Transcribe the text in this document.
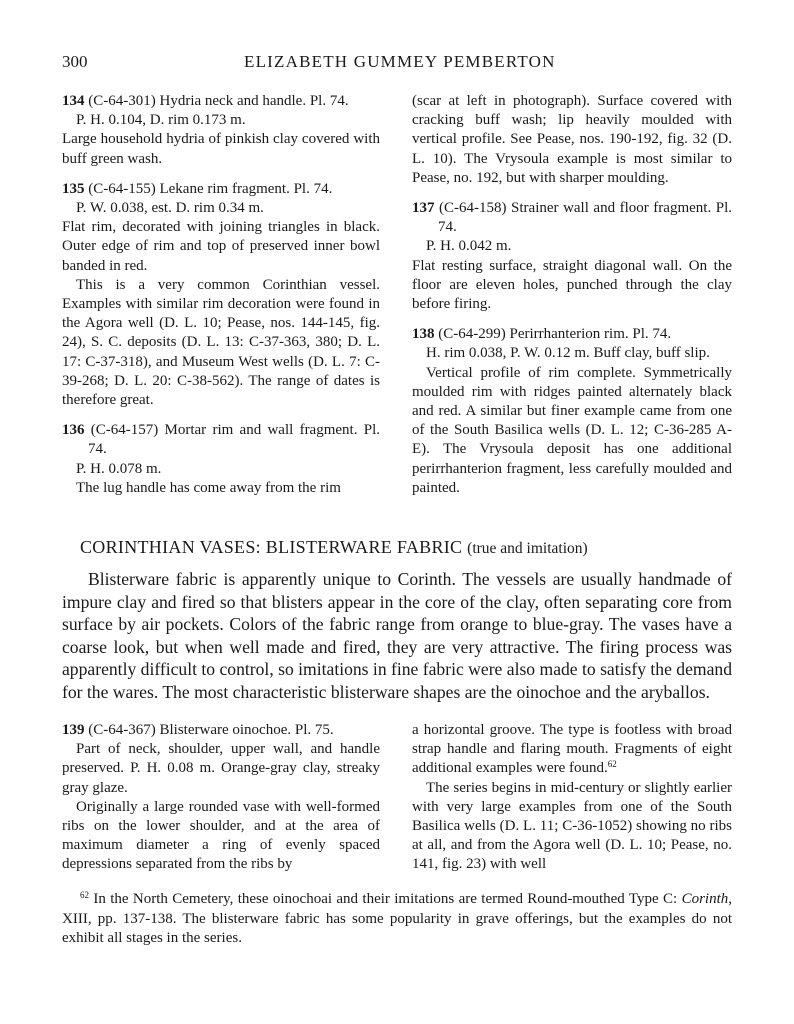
300	ELIZABETH GUMMEY PEMBERTON

134 (C-64-301) Hydria neck and handle. Pl. 74.

P. H. 0.104, D. rim 0.173 m.

Large household hydria of pinkish clay covered with buff green wash.

135 (C-64-155) Lekane rim fragment. Pl. 74.

P. W. 0.038, est. D. rim 0.34 m.

Flat rim, decorated with joining triangles in black. Outer edge of rim and top of preserved inner bowl banded in red.

This is a very common Corinthian vessel. Examples with similar rim decoration were found in the Agora well (D. L. 10; Pease, nos. 144-145, fig. 24), S. C. deposits (D. L. 13: C-37-363, 380; D. L. 17: C-37-318), and Museum West wells (D. L. 7: C-39-268; D. L. 20: C-38-562). The range of dates is therefore great.

136 (C-64-157) Mortar rim and wall fragment. Pl. 74.

P. H. 0.078 m.

The lug handle has come away from the rim

(scar at left in photograph). Surface covered with cracking buff wash; lip heavily moulded with vertical profile. See Pease, nos. 190-192, fig. 32 (D. L. 10). The Vrysoula example is most similar to Pease, no. 192, but with sharper moulding.

137 (C-64-158) Strainer wall and floor fragment. Pl. 74.

P. H. 0.042 m.

Flat resting surface, straight diagonal wall. On the floor are eleven holes, punched through the clay before firing.

138 (C-64-299) Perirrhanterion rim. Pl. 74.

H. rim 0.038, P. W. 0.12 m. Buff clay, buff slip.

Vertical profile of rim complete. Symmetrically moulded rim with ridges painted alternately black and red. A similar but finer example came from one of the South Basilica wells (D. L. 12; C-36-285 A-E). The Vrysoula deposit has one additional perirrhanterion fragment, less carefully moulded and painted.

CORINTHIAN VASES: BLISTERWARE FABRIC (true and imitation)

Blisterware fabric is apparently unique to Corinth. The vessels are usually handmade of impure clay and fired so that blisters appear in the core of the clay, often separating core from surface by air pockets. Colors of the fabric range from orange to blue-gray. The vases have a coarse look, but when well made and fired, they are very attractive. The firing process was apparently difficult to control, so imitations in fine fabric were also made to satisfy the demand for the wares. The most characteristic blisterware shapes are the oinochoe and the aryballos.

139 (C-64-367) Blisterware oinochoe. Pl. 75.

Part of neck, shoulder, upper wall, and handle preserved. P. H. 0.08 m. Orange-gray clay, streaky gray glaze.

Originally a large rounded vase with well-formed ribs on the lower shoulder, and at the area of maximum diameter a ring of evenly spaced depressions separated from the ribs by

a horizontal groove. The type is footless with broad strap handle and flaring mouth. Fragments of eight additional examples were found.$^{62}$

The series begins in mid-century or slightly earlier with very large examples from one of the South Basilica wells (D. L. 11; C-36-1052) showing no ribs at all, and from the Agora well (D. L. 10; Pease, no. 141, fig. 23) with well

$^{62}$ In the North Cemetery, these oinochoai and their imitations are termed Round-mouthed Type C: Corinth, XIII, pp. 137-138. The blisterware fabric has some popularity in grave offerings, but the examples do not exhibit all stages in the series.
